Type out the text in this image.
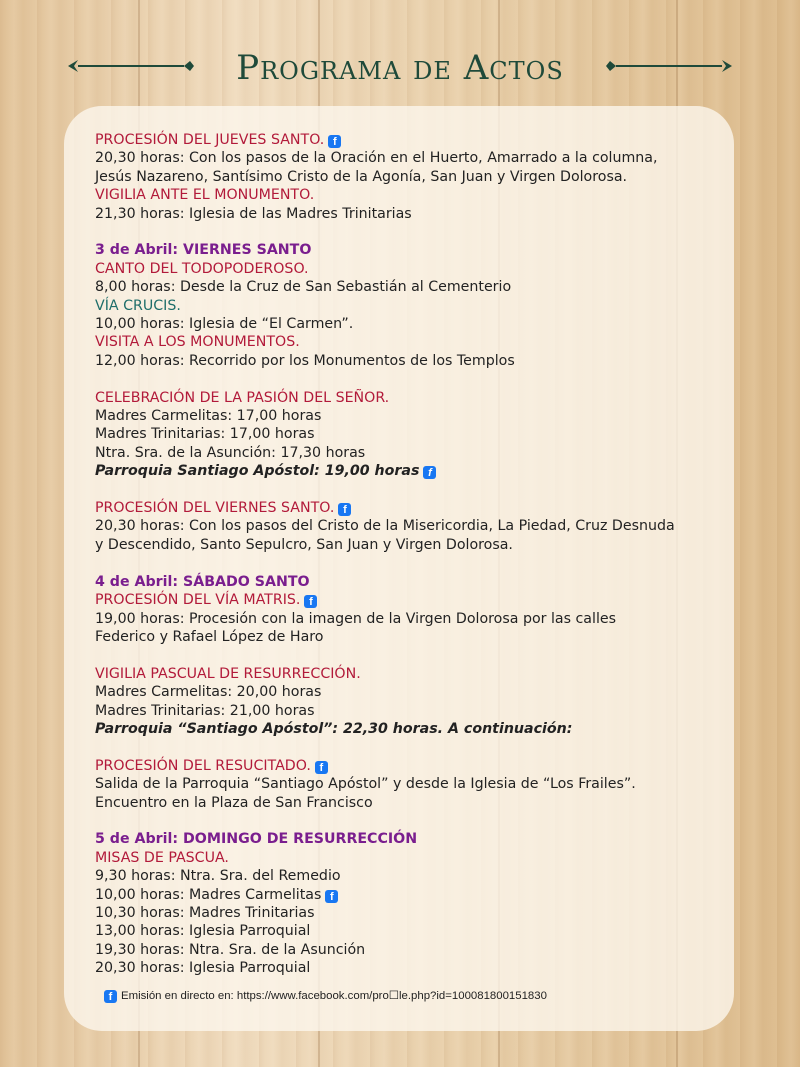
Programa de Actos

PROCESIÓN DEL JUEVES SANTO. f

20,30 horas: Con los pasos de la Oración en el Huerto, Amarrado a la columna,

Jesús Nazareno, Santísimo Cristo de la Agonía, San Juan y Virgen Dolorosa.

VIGILIA ANTE EL MONUMENTO.

21,30 horas: Iglesia de las Madres Trinitarias

3 de Abril: VIERNES SANTO

CANTO DEL TODOPODEROSO.

8,00 horas: Desde la Cruz de San Sebastián al Cementerio

VÍA CRUCIS.

10,00 horas: Iglesia de “El Carmen”.

VISITA A LOS MONUMENTOS.

12,00 horas: Recorrido por los Monumentos de los Templos

CELEBRACIÓN DE LA PASIÓN DEL SEÑOR.

Madres Carmelitas: 17,00 horas

Madres Trinitarias: 17,00 horas

Ntra. Sra. de la Asunción: 17,30 horas

Parroquia Santiago Apóstol: 19,00 horas f

PROCESIÓN DEL VIERNES SANTO. f

20,30 horas: Con los pasos del Cristo de la Misericordia, La Piedad, Cruz Desnuda

y Descendido, Santo Sepulcro, San Juan y Virgen Dolorosa.

4 de Abril: SÁBADO SANTO

PROCESIÓN DEL VÍA MATRIS. f

19,00 horas: Procesión con la imagen de la Virgen Dolorosa por las calles

Federico y Rafael López de Haro

VIGILIA PASCUAL DE RESURRECCIÓN.

Madres Carmelitas: 20,00 horas

Madres Trinitarias: 21,00 horas

Parroquia “Santiago Apóstol”: 22,30 horas. A continuación:

PROCESIÓN DEL RESUCITADO. f

Salida de la Parroquia “Santiago Apóstol” y desde la Iglesia de “Los Frailes”.

Encuentro en la Plaza de San Francisco

5 de Abril: DOMINGO DE RESURRECCIÓN

MISAS DE PASCUA.

9,30 horas: Ntra. Sra. del Remedio

10,00 horas: Madres Carmelitas f

10,30 horas: Madres Trinitarias

13,00 horas: Iglesia Parroquial

19,30 horas: Ntra. Sra. de la Asunción

20,30 horas: Iglesia Parroquial

f Emisión en directo en: https://www.facebook.com/pro☐le.php?id=100081800151830
